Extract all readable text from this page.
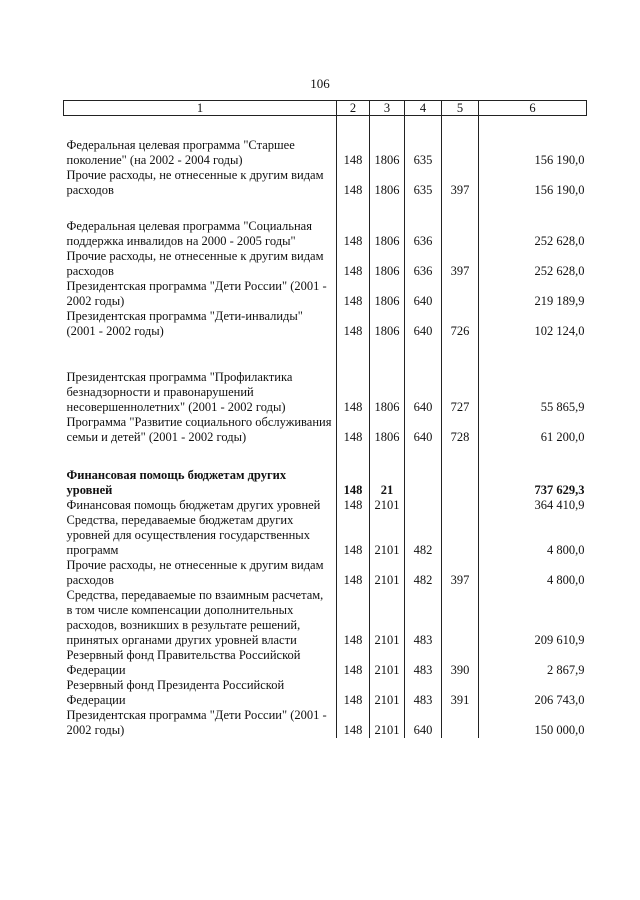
106
1	2	3	4	5	6

Федеральная целевая программа "Старшее поколение" (на 2002 - 2004 годы)	148	1806	635		156 190,0
Прочие расходы, не отнесенные к другим видам расходов	148	1806	635	397	156 190,0

Федеральная целевая программа "Социальная поддержка инвалидов на 2000 - 2005 годы"	148	1806	636		252 628,0
Прочие расходы, не отнесенные к другим видам расходов	148	1806	636	397	252 628,0
Президентская программа "Дети России" (2001 - 2002 годы)	148	1806	640		219 189,9
Президентская программа "Дети-инвалиды" (2001 - 2002 годы)	148	1806	640	726	102 124,0

Президентская программа "Профилактика безнадзорности и правонарушений несовершеннолетних" (2001 - 2002 годы)	148	1806	640	727	55 865,9
Программа "Развитие социального обслуживания семьи и детей" (2001 - 2002 годы)	148	1806	640	728	61 200,0

Финансовая помощь бюджетам других уровней	148	21			737 629,3
Финансовая помощь бюджетам других уровней	148	2101			364 410,9
Средства, передаваемые бюджетам других уровней для осуществления государственных программ	148	2101	482		4 800,0
Прочие расходы, не отнесенные к другим видам расходов	148	2101	482	397	4 800,0
Средства, передаваемые по взаимным расчетам, в том числе компенсации дополнительных расходов, возникших в результате решений, принятых органами других уровней власти	148	2101	483		209 610,9
Резервный фонд Правительства Российской Федерации	148	2101	483	390	2 867,9
Резервный фонд Президента Российской Федерации	148	2101	483	391	206 743,0
Президентская программа "Дети России" (2001 - 2002 годы)	148	2101	640		150 000,0
